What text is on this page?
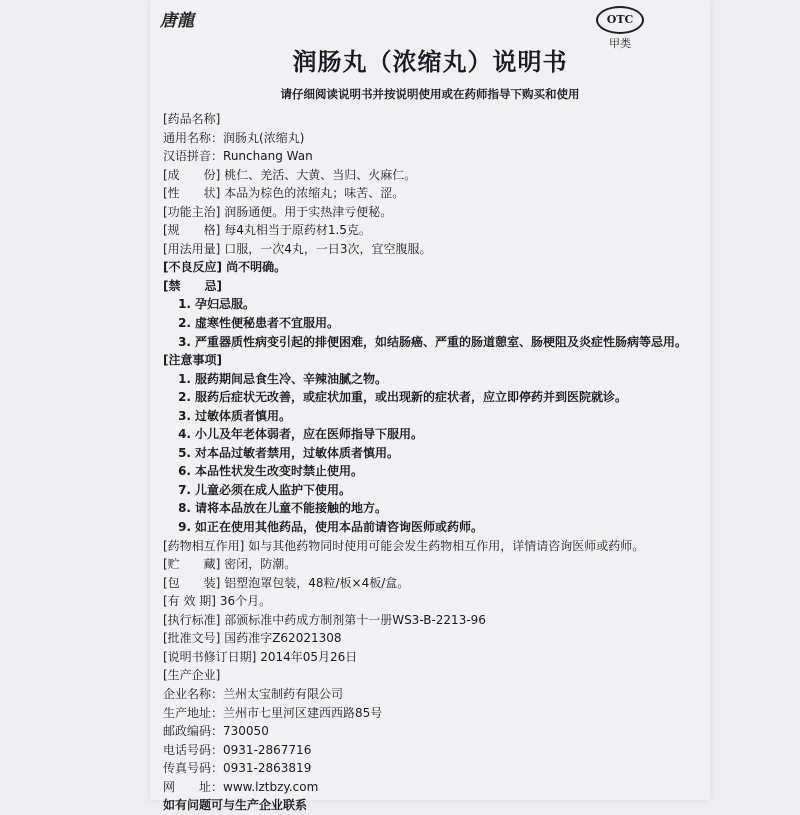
唐龍	OTC
甲类
润肠丸（浓缩丸）说明书
请仔细阅读说明书并按说明使用或在药师指导下购买和使用
[药品名称]
通用名称：润肠丸(浓缩丸)
汉语拼音：Runchang Wan
[成　　份] 桃仁、羌活、大黄、当归、火麻仁。
[性　　状] 本品为棕色的浓缩丸；味苦、涩。
[功能主治] 润肠通便。用于实热津亏便秘。
[规　　格] 每4丸相当于原药材1.5克。
[用法用量] 口服，一次4丸，一日3次，宜空腹服。
[不良反应] 尚不明确。
[禁　　忌]
1. 孕妇忌服。
2. 虚寒性便秘患者不宜服用。
3. 严重器质性病变引起的排便困难，如结肠癌、严重的肠道憩室、肠梗阻及炎症性肠病等忌用。
[注意事项]
1. 服药期间忌食生冷、辛辣油腻之物。
2. 服药后症状无改善，或症状加重，或出现新的症状者，应立即停药并到医院就诊。
3. 过敏体质者慎用。
4. 小儿及年老体弱者，应在医师指导下服用。
5. 对本品过敏者禁用，过敏体质者慎用。
6. 本品性状发生改变时禁止使用。
7. 儿童必须在成人监护下使用。
8. 请将本品放在儿童不能接触的地方。
9. 如正在使用其他药品，使用本品前请咨询医师或药师。
[药物相互作用]
如与其他药物同时使用可能会发生药物相互作用，详情请咨询医师或药师。
[贮　　藏] 密闭，防潮。
[包　　装] 铝塑泡罩包装，48粒/板×4板/盒。
[有 效 期] 36个月。
[执行标准] 部颁标准中药成方制剂第十一册WS3-B-2213-96
[批准文号] 国药准字Z62021308
[说明书修订日期] 2014年05月26日
[生产企业]
企业名称：兰州太宝制药有限公司
生产地址：兰州市七里河区建西西路85号
邮政编码：730050
电话号码：0931-2867716
传真号码：0931-2863819
网　　址：www.lztbzy.com
如有问题可与生产企业联系
